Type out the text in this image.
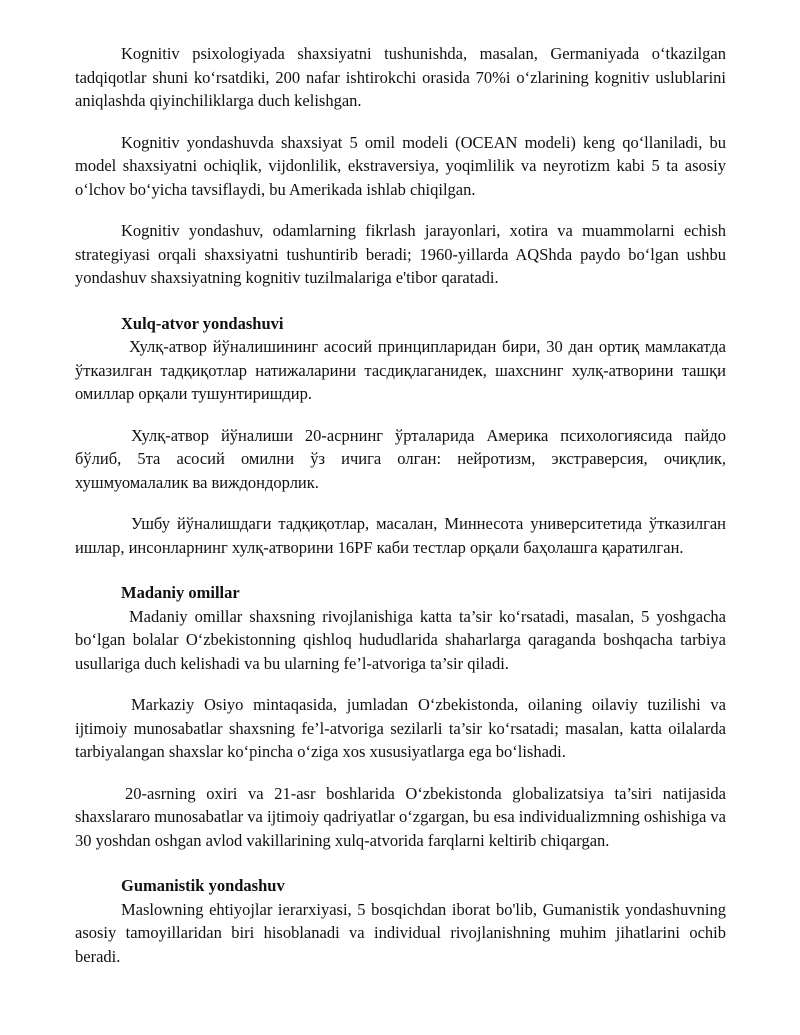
Kognitiv psixologiyada shaxsiyatni tushunishda, masalan, Germaniyada o‘tkazilgan tadqiqotlar shuni ko‘rsatdiki, 200 nafar ishtirokchi orasida 70%i o‘zlarining kognitiv uslublarini aniqlashda qiyinchiliklarga duch kelishgan.

Kognitiv yondashuvda shaxsiyat 5 omil modeli (OCEAN modeli) keng qo‘llaniladi, bu model shaxsiyatni ochiqlik, vijdonlilik, ekstraversiya, yoqimlilik va neyrotizm kabi 5 ta asosiy o‘lchov bo‘yicha tavsiflaydi, bu Amerikada ishlab chiqilgan.

Kognitiv yondashuv, odamlarning fikrlash jarayonlari, xotira va muammolarni echish strategiyasi orqali shaxsiyatni tushuntirib beradi; 1960-yillarda AQShda paydo bo‘lgan ushbu yondashuv shaxsiyatning kognitiv tuzilmalariga e'tibor qaratadi.

Xulq-atvor yondashuvi

Хулқ-атвор йўналишининг асосий принципларидан бири, 30 дан ортиқ мамлакатда ўтказилган тадқиқотлар натижаларини тасдиқлаганидек, шахснинг хулқ-атворини ташқи омиллар орқали тушунтиришдир.

Хулқ-атвор йўналиши 20-асрнинг ўрталарида Америка психологиясида пайдо бўлиб, 5та асосий омилни ўз ичига олган: нейротизм, экстраверсия, очиқлик, хушмуомалалик ва виждондорлик.

Ушбу йўналишдаги тадқиқотлар, масалан, Миннесота университетида ўтказилган ишлар, инсонларнинг хулқ-атворини 16PF каби тестлар орқали баҳолашга қаратилган.

Madaniy omillar

Madaniy omillar shaxsning rivojlanishiga katta ta’sir ko‘rsatadi, masalan, 5 yoshgacha bo‘lgan bolalar O‘zbekistonning qishloq hududlarida shaharlarga qaraganda boshqacha tarbiya usullariga duch kelishadi va bu ularning fe’l-atvoriga ta’sir qiladi.

Markaziy Osiyo mintaqasida, jumladan O‘zbekistonda, oilaning oilaviy tuzilishi va ijtimoiy munosabatlar shaxsning fe’l-atvoriga sezilarli ta’sir ko‘rsatadi; masalan, katta oilalarda tarbiyalangan shaxslar ko‘pincha o‘ziga xos xususiyatlarga ega bo‘lishadi.

20-asrning oxiri va 21-asr boshlarida O‘zbekistonda globalizatsiya ta’siri natijasida shaxslararo munosabatlar va ijtimoiy qadriyatlar o‘zgargan, bu esa individualizmning oshishiga va 30 yoshdan oshgan avlod vakillarining xulq-atvorida farqlarni keltirib chiqargan.

Gumanistik yondashuv

Maslowning ehtiyojlar ierarxiyasi, 5 bosqichdan iborat bo'lib, Gumanistik yondashuvning asosiy tamoyillaridan biri hisoblanadi va individual rivojlanishning muhim jihatlarini ochib beradi.
